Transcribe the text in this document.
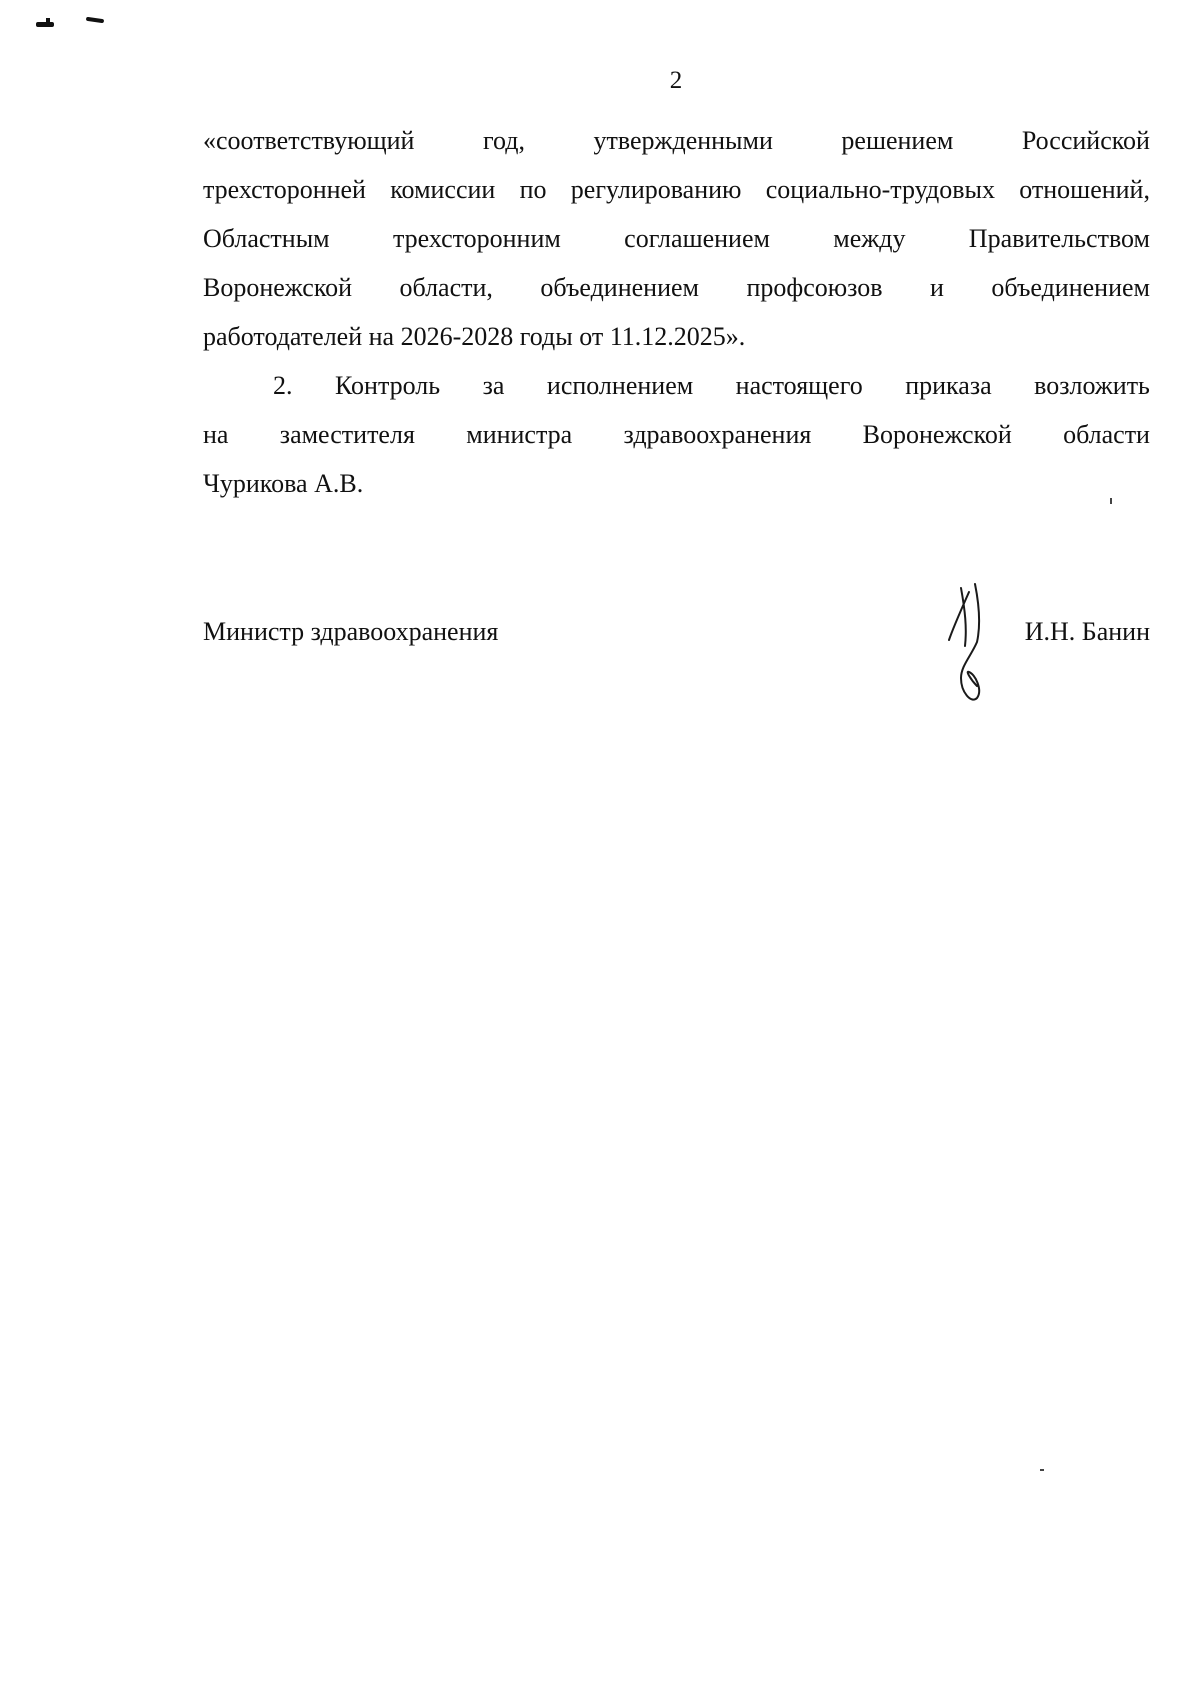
2
«соответствующий	год,	утвержденными	решением	Российской
трехсторонней комиссии по регулированию социально-трудовых отношений,
Областным трехсторонним соглашением между Правительством
Воронежской области, объединением профсоюзов и объединением
работодателей на 2026-2028 годы от 11.12.2025».
2. Контроль за исполнением настоящего приказа возложить
на заместителя министра здравоохранения Воронежской области
Чурикова А.В.
Министр здравоохранения	И.Н. Банин
